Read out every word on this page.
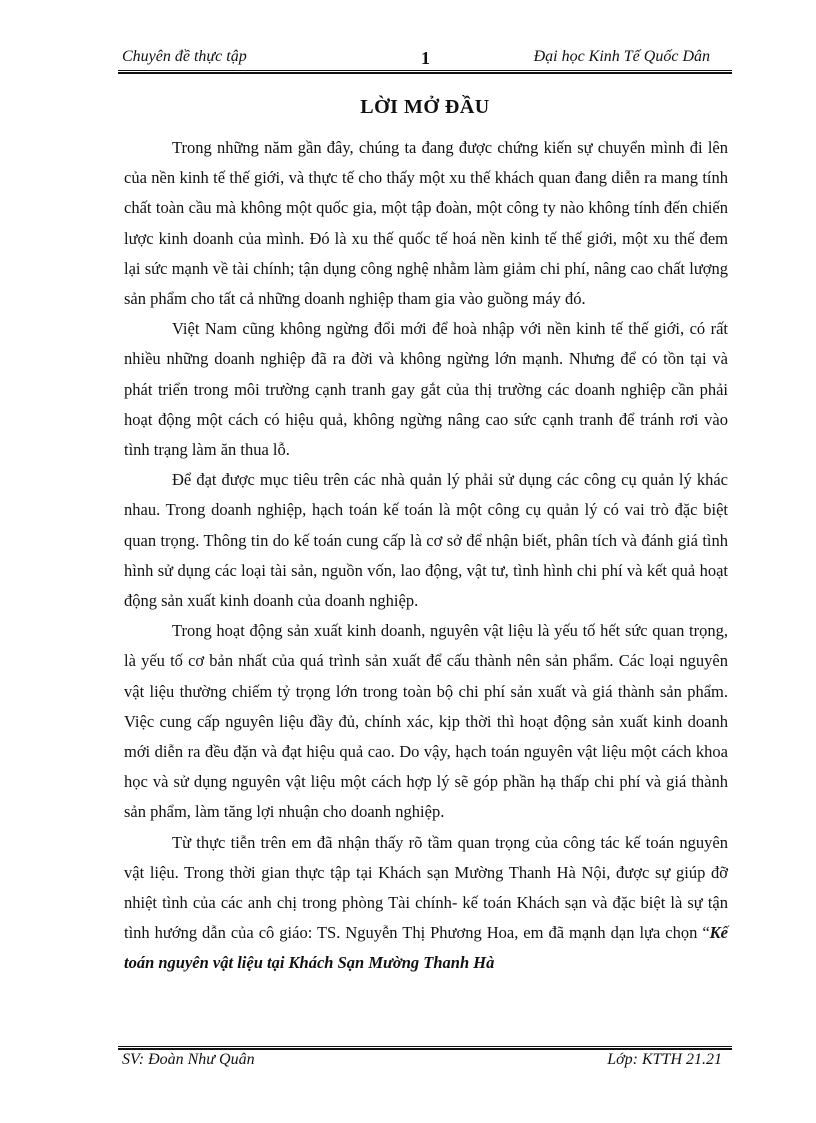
Chuyên đề thực tập	1	Đại học Kinh Tế Quốc Dân
LỜI MỞ ĐẦU

Trong những năm gần đây, chúng ta đang được chứng kiến sự chuyển mình đi lên của nền kinh tế thế giới, và thực tế cho thấy một xu thế khách quan đang diễn ra mang tính chất toàn cầu mà không một quốc gia, một tập đoàn, một công ty nào không tính đến chiến lược kinh doanh của mình. Đó là xu thế quốc tế hoá nền kinh tế thế giới, một xu thế đem lại sức mạnh về tài chính; tận dụng công nghệ nhằm làm giảm chi phí, nâng cao chất lượng sản phẩm cho tất cả những doanh nghiệp tham gia vào guồng máy đó.

Việt Nam cũng không ngừng đổi mới để hoà nhập với nền kinh tế thế giới, có rất nhiều những doanh nghiệp đã ra đời và không ngừng lớn mạnh. Nhưng để có tồn tại và phát triển trong môi trường cạnh tranh gay gắt của thị trường các doanh nghiệp cần phải hoạt động một cách có hiệu quả, không ngừng nâng cao sức cạnh tranh để tránh rơi vào tình trạng làm ăn thua lỗ.

Để đạt được mục tiêu trên các nhà quản lý phải sử dụng các công cụ quản lý khác nhau. Trong doanh nghiệp, hạch toán kế toán là một công cụ quản lý có vai trò đặc biệt quan trọng. Thông tin do kế toán cung cấp là cơ sở để nhận biết, phân tích và đánh giá tình hình sử dụng các loại tài sản, nguồn vốn, lao động, vật tư, tình hình chi phí và kết quả hoạt động sản xuất kinh doanh của doanh nghiệp.

Trong hoạt động sản xuất kinh doanh, nguyên vật liệu là yếu tố hết sức quan trọng, là yếu tố cơ bản nhất của quá trình sản xuất để cấu thành nên sản phẩm. Các loại nguyên vật liệu thường chiếm tỷ trọng lớn trong toàn bộ chi phí sản xuất và giá thành sản phẩm. Việc cung cấp nguyên liệu đầy đủ, chính xác, kịp thời thì hoạt động sản xuất kinh doanh mới diễn ra đều đặn và đạt hiệu quả cao. Do vậy, hạch toán nguyên vật liệu một cách khoa học và sử dụng nguyên vật liệu một cách hợp lý sẽ góp phần hạ thấp chi phí và giá thành sản phẩm, làm tăng lợi nhuận cho doanh nghiệp.

Từ thực tiễn trên em đã nhận thấy rõ tầm quan trọng của công tác kế toán nguyên vật liệu. Trong thời gian thực tập tại Khách sạn Mường Thanh Hà Nội, được sự giúp đỡ nhiệt tình của các anh chị trong phòng Tài chính- kế toán Khách sạn và đặc biệt là sự tận tình hướng dẫn của cô giáo: TS. Nguyễn Thị Phương Hoa, em đã mạnh dạn lựa chọn “Kế toán nguyên vật liệu tại Khách Sạn Mường Thanh Hà

SV: Đoàn Như Quân	Lớp: KTTH 21.21
